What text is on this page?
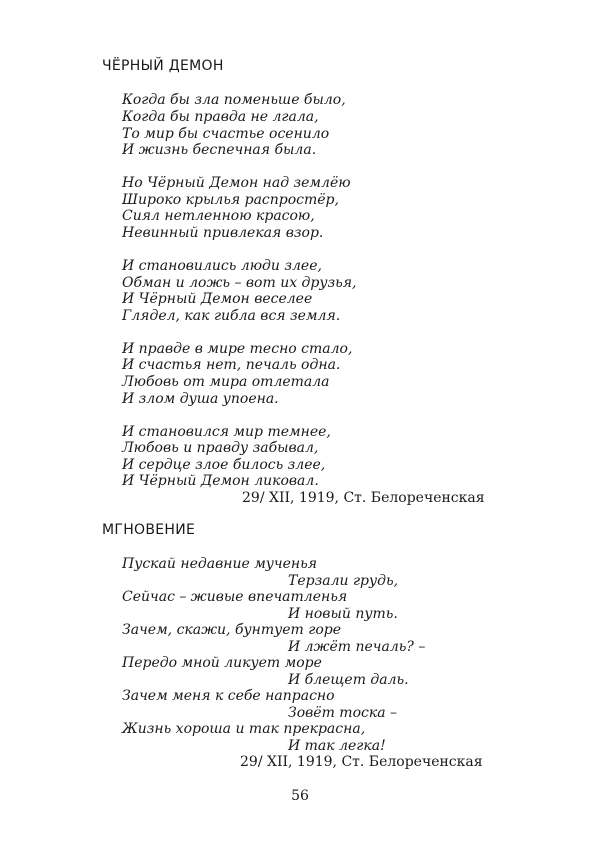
ЧЁРНЫЙ ДЕМОН
Когда бы зла поменьше было,
Когда бы правда не лгала,
То мир бы счастье осенило
И жизнь беспечная была.
Но Чёрный Демон над землёю
Широко крылья распростёр,
Сиял нетленною красою,
Невинный привлекая взор.
И становились люди злее,
Обман и ложь – вот их друзья,
И Чёрный Демон веселее
Глядел, как гибла вся земля.
И правде в мире тесно стало,
И счастья нет, печаль одна.
Любовь от мира отлетала
И злом душа упоена.
И становился мир темнее,
Любовь и правду забывал,
И сердце злое билось злее,
И Чёрный Демон ликовал.
29/ XII, 1919, Ст. Белореченская
МГНОВЕНИЕ
Пускай недавние мученья
Терзали грудь,
Сейчас – живые впечатленья
И новый путь.
Зачем, скажи, бунтует горе
И лжёт печаль? –
Передо мной ликует море
И блещет даль.
Зачем меня к себе напрасно
Зовёт тоска –
Жизнь хороша и так прекрасна,
И так легка!
29/ XII, 1919, Ст. Белореченская
56
